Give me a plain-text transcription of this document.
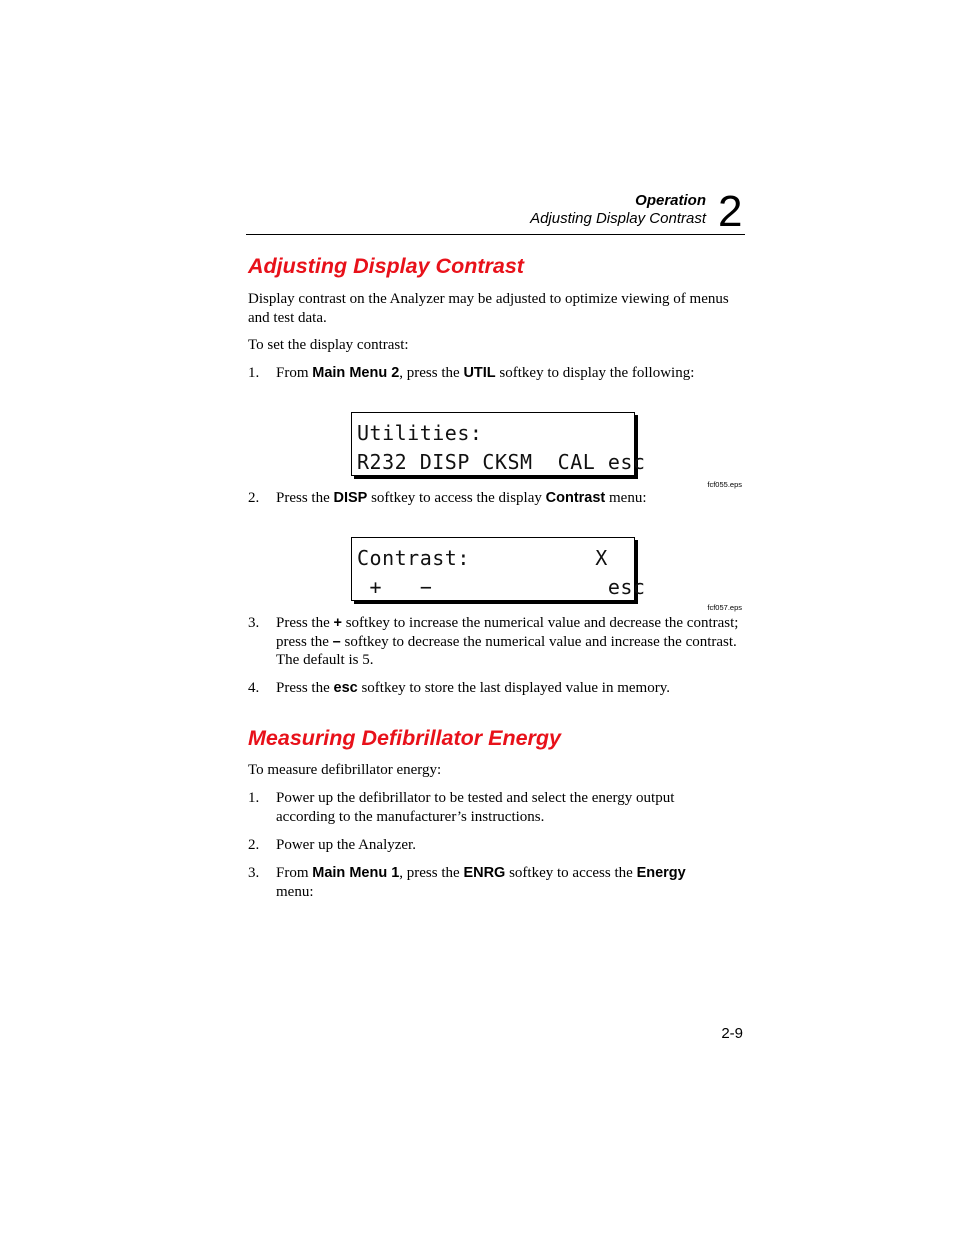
Operation
Adjusting Display Contrast 2
Adjusting Display Contrast
Display contrast on the Analyzer may be adjusted to optimize viewing of menus and test data.
To set the display contrast:
1. From Main Menu 2, press the UTIL softkey to display the following:
Utilities:
R232 DISP CKSM  CAL esc
fcf055.eps
2. Press the DISP softkey to access the display Contrast menu:
Contrast:          X
+   −              esc
fcf057.eps
3. Press the + softkey to increase the numerical value and decrease the contrast; press the – softkey to decrease the numerical value and increase the contrast. The default is 5.
4. Press the esc softkey to store the last displayed value in memory.
Measuring Defibrillator Energy
To measure defibrillator energy:
1. Power up the defibrillator to be tested and select the energy output according to the manufacturer’s instructions.
2. Power up the Analyzer.
3. From Main Menu 1, press the ENRG softkey to access the Energy menu:
2-9
